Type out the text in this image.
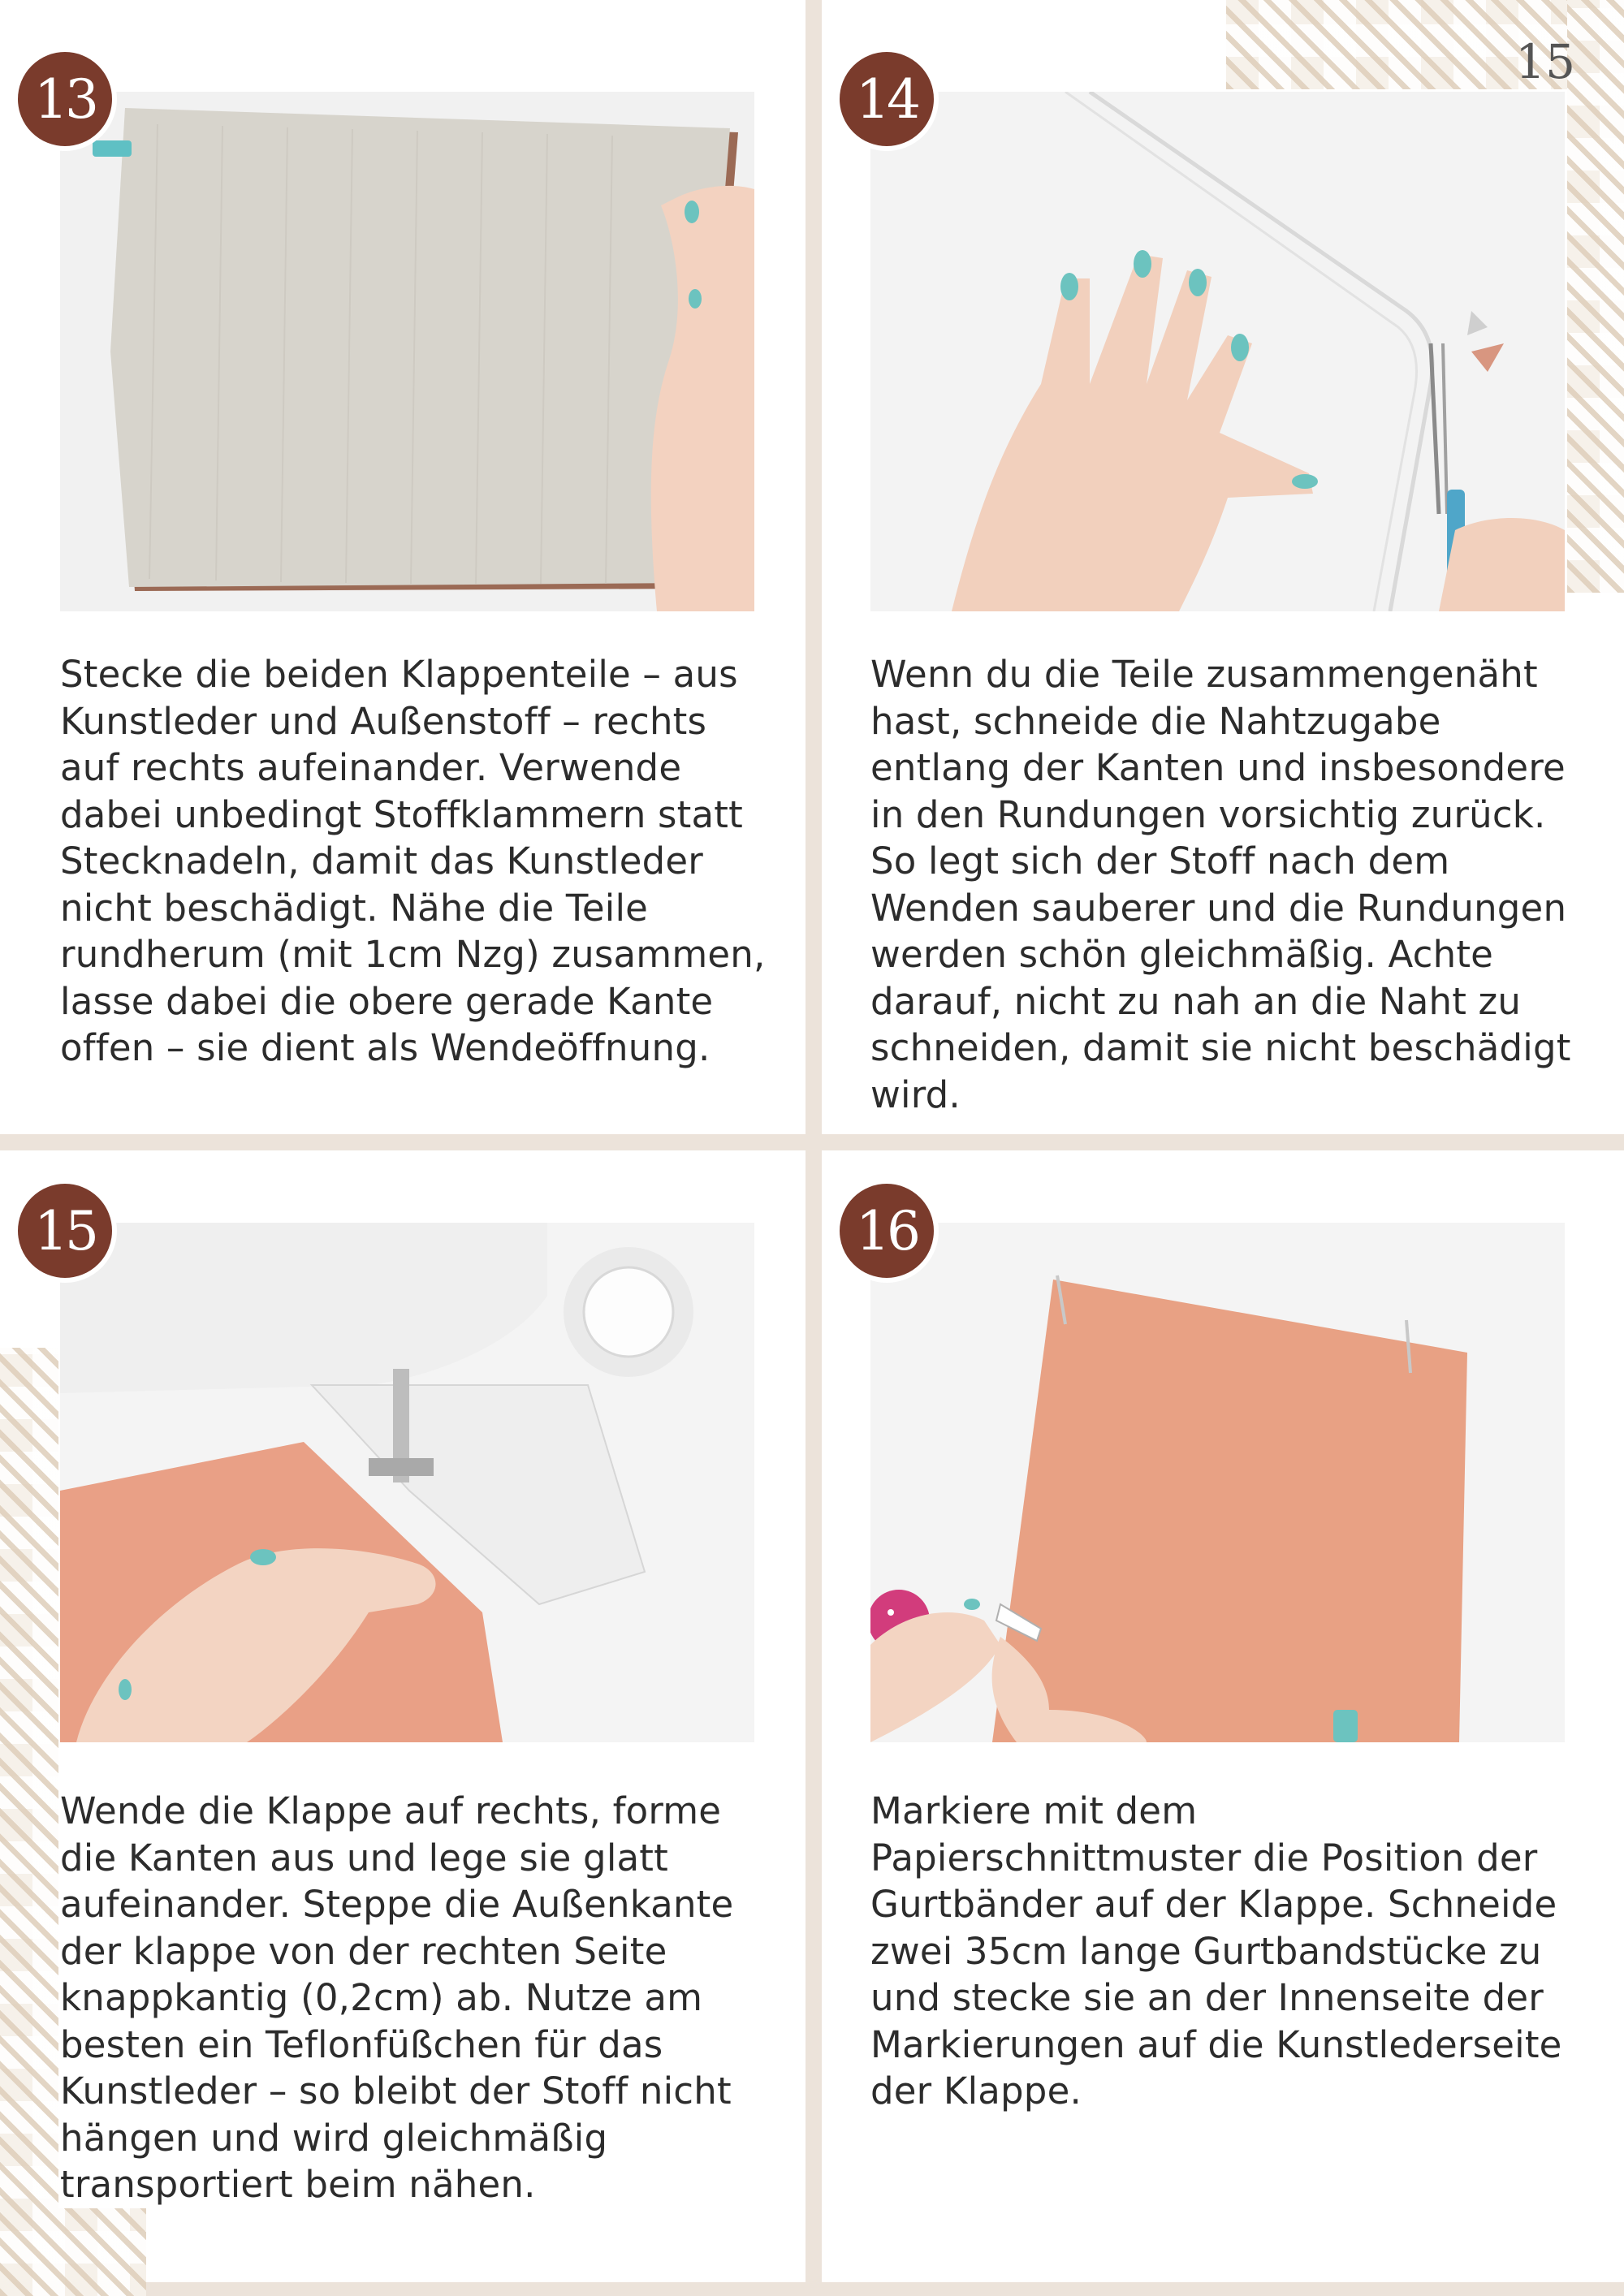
15
13
Stecke die beiden Klappenteile – aus Kunstleder und Außenstoff – rechts auf rechts aufeinander. Verwende dabei unbedingt Stoffklammern statt Stecknadeln, damit das Kunstleder nicht beschädigt. Nähe die Teile rundherum (mit 1cm Nzg) zusammen, lasse dabei die obere gerade Kante offen – sie dient als Wendeöffnung.
14
Wenn du die Teile zusammengenäht hast, schneide die Nahtzugabe entlang der Kanten und insbesondere in den Rundungen vorsichtig zurück. So legt sich der Stoff nach dem Wenden sauberer und die Rundungen werden schön gleichmäßig. Achte darauf, nicht zu nah an die Naht zu schneiden, damit sie nicht beschädigt wird.
15
Wende die Klappe auf rechts, forme die Kanten aus und lege sie glatt aufeinander. Steppe die Außenkante der klappe von der rechten Seite knappkantig (0,2cm) ab. Nutze am besten ein Teflonfüßchen für das Kunstleder – so bleibt der Stoff nicht hängen und wird gleichmäßig transportiert beim nähen.
16
Markiere mit dem Papierschnittmuster die Position der Gurtbänder auf der Klappe. Schneide zwei 35cm lange Gurtbandstücke zu und stecke sie an der Innenseite der Markierungen auf die Kunstlederseite der Klappe.
